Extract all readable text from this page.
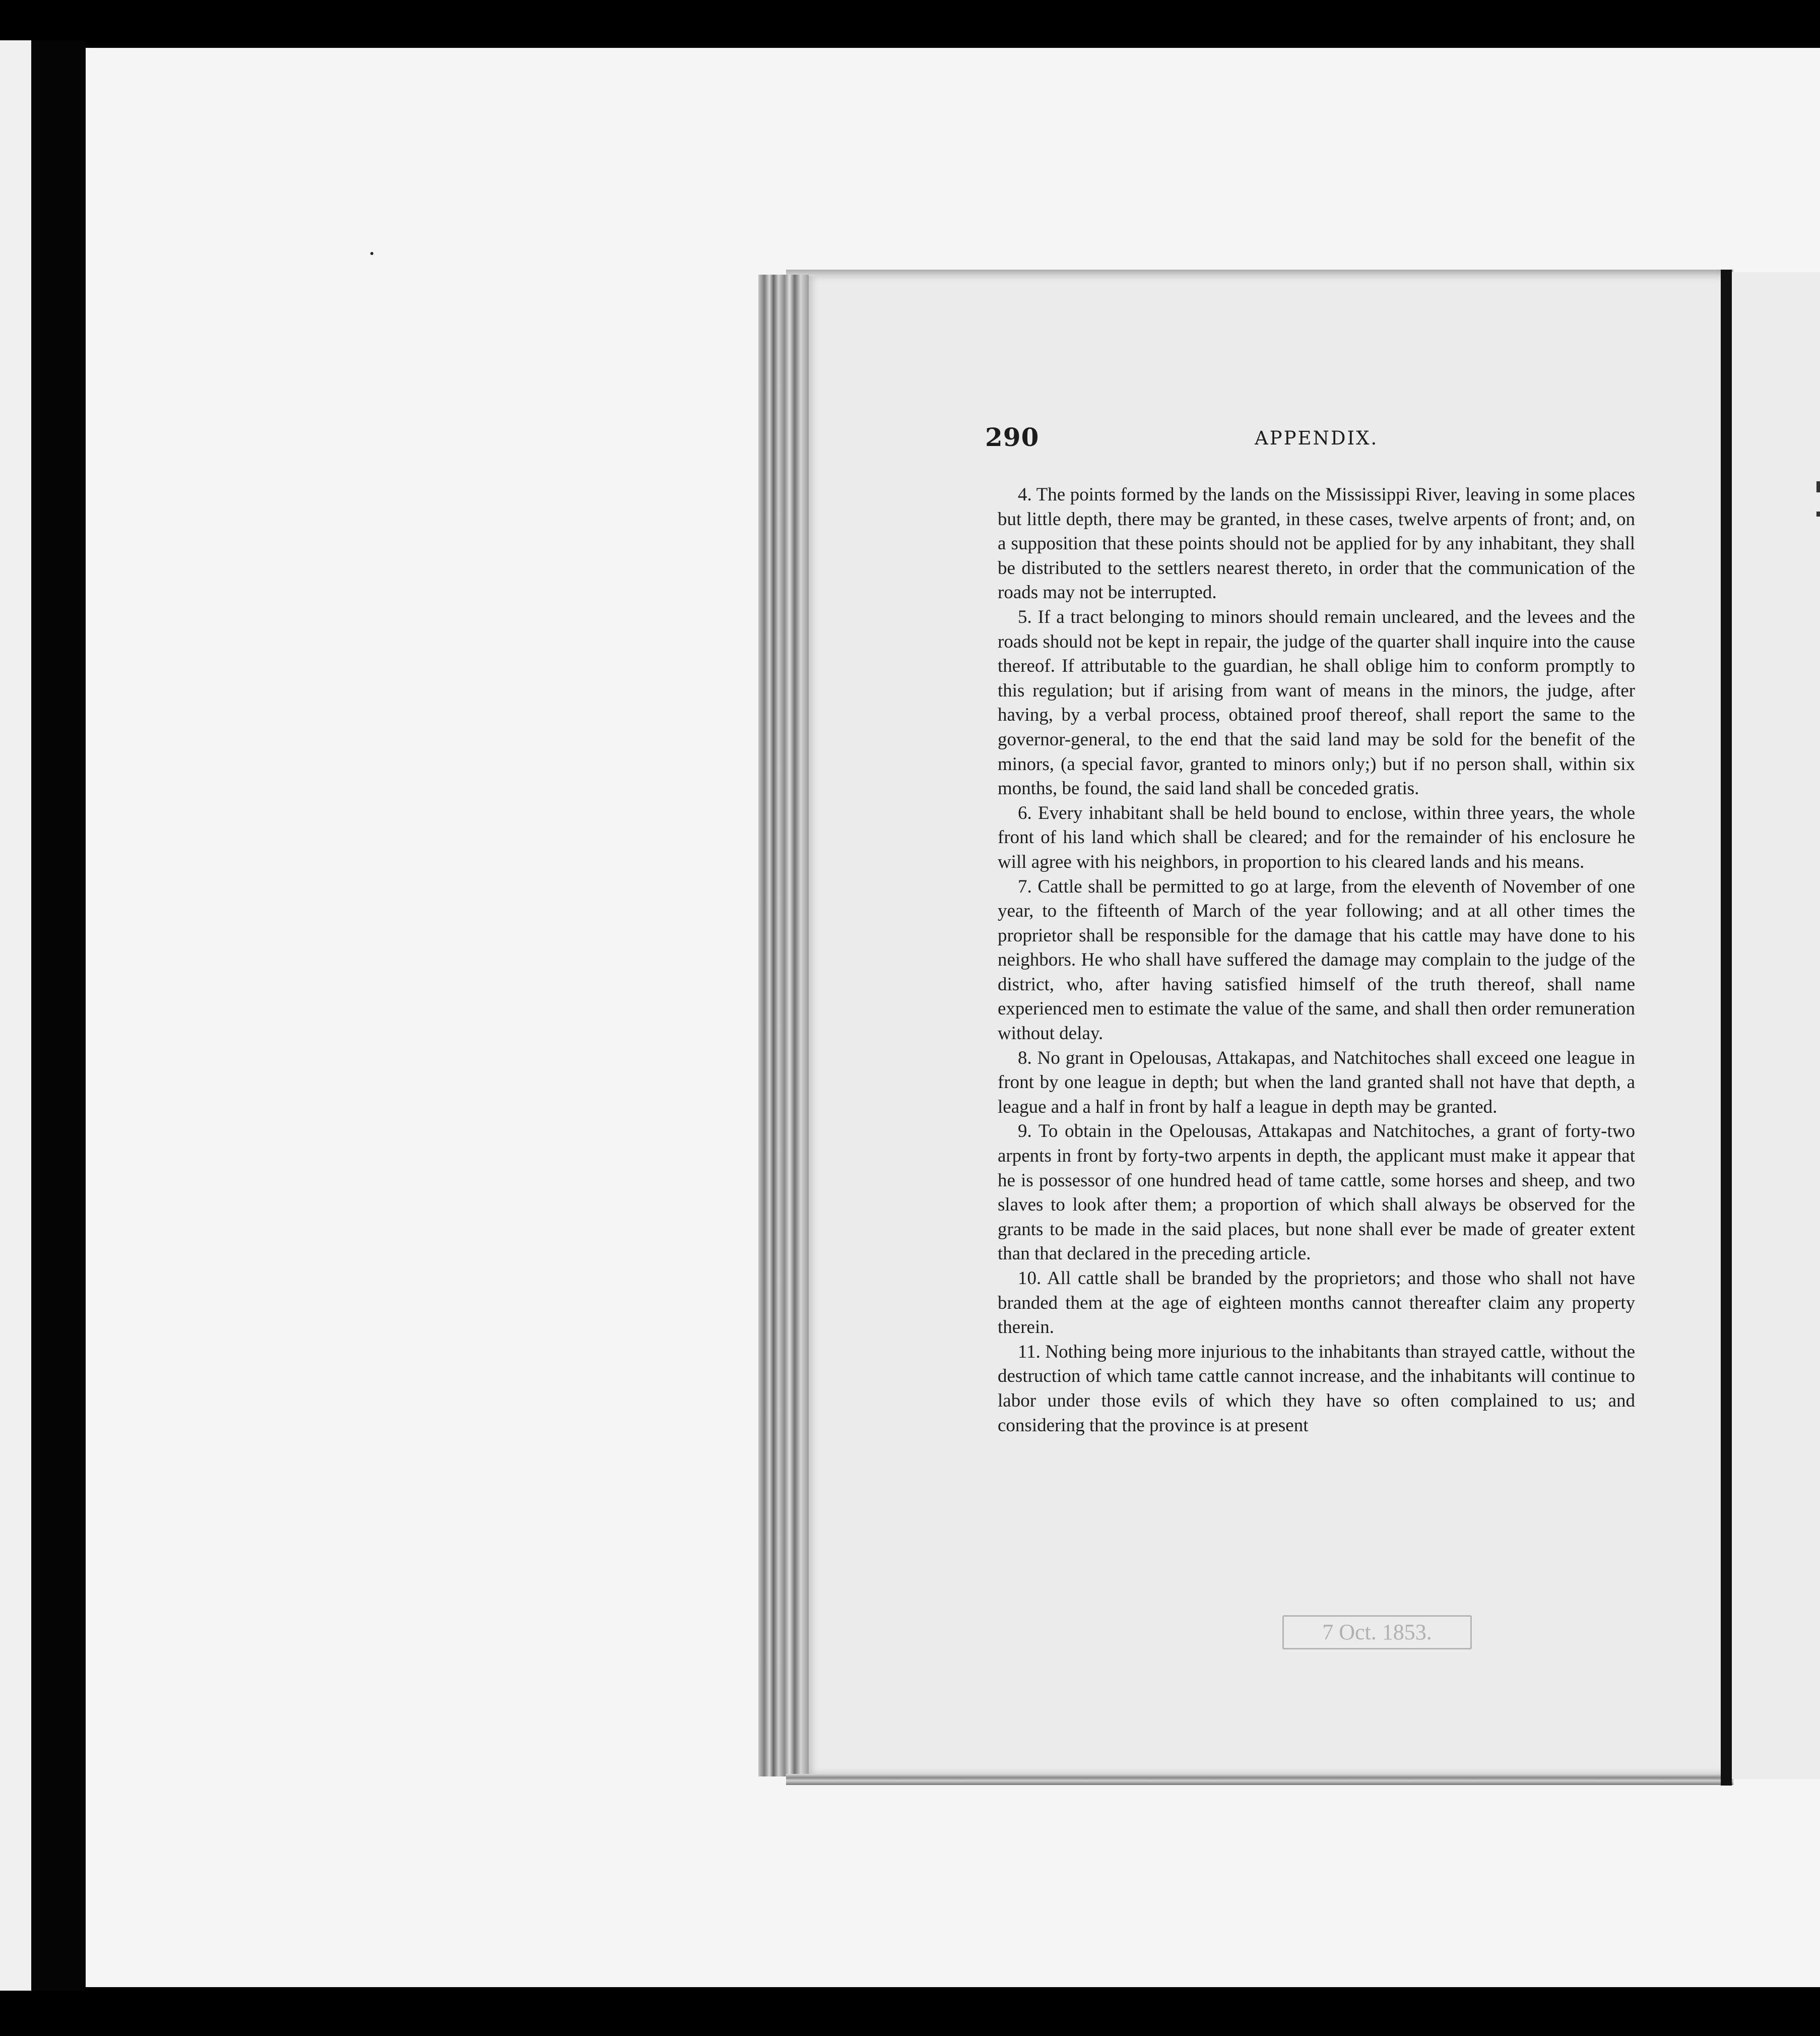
290	APPENDIX.

4. The points formed by the lands on the Mississippi River, leaving in some places but little depth, there may be granted, in these cases, twelve arpents of front; and, on a supposition that these points should not be applied for by any inhabitant, they shall be distributed to the settlers nearest thereto, in order that the communication of the roads may not be interrupted.

5. If a tract belonging to minors should remain uncleared, and the levees and the roads should not be kept in repair, the judge of the quarter shall inquire into the cause thereof. If attributable to the guardian, he shall oblige him to conform promptly to this regulation; but if arising from want of means in the minors, the judge, after having, by a verbal process, obtained proof thereof, shall report the same to the governor-general, to the end that the said land may be sold for the benefit of the minors, (a special favor, granted to minors only;) but if no person shall, within six months, be found, the said land shall be conceded gratis.

6. Every inhabitant shall be held bound to enclose, within three years, the whole front of his land which shall be cleared; and for the remainder of his enclosure he will agree with his neighbors, in proportion to his cleared lands and his means.

7. Cattle shall be permitted to go at large, from the eleventh of November of one year, to the fifteenth of March of the year following; and at all other times the proprietor shall be responsible for the damage that his cattle may have done to his neighbors. He who shall have suffered the damage may complain to the judge of the district, who, after having satisfied himself of the truth thereof, shall name experienced men to estimate the value of the same, and shall then order remuneration without delay.

8. No grant in Opelousas, Attakapas, and Natchitoches shall exceed one league in front by one league in depth; but when the land granted shall not have that depth, a league and a half in front by half a league in depth may be granted.

9. To obtain in the Opelousas, Attakapas and Natchitoches, a grant of forty-two arpents in front by forty-two arpents in depth, the applicant must make it appear that he is possessor of one hundred head of tame cattle, some horses and sheep, and two slaves to look after them; a proportion of which shall always be observed for the grants to be made in the said places, but none shall ever be made of greater extent than that declared in the preceding article.

10. All cattle shall be branded by the proprietors; and those who shall not have branded them at the age of eighteen months cannot thereafter claim any property therein.

11. Nothing being more injurious to the inhabitants than strayed cattle, without the destruction of which tame cattle cannot increase, and the inhabitants will continue to labor under those evils of which they have so often complained to us; and considering that the province is at present

7 Oct. 1853.
